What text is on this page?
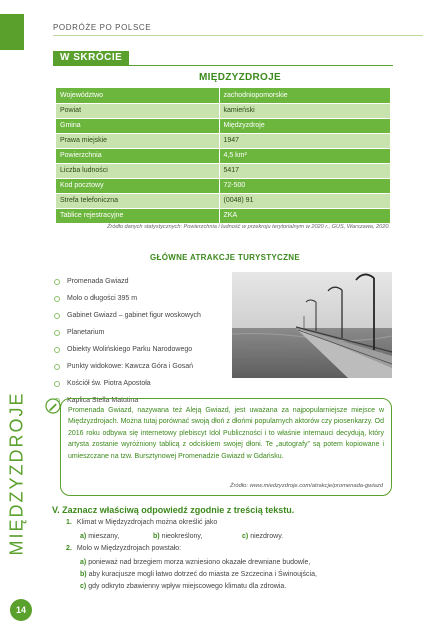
PODRÓŻE PO POLSCE
W SKRÓCIE
MIĘDZYZDROJE
Województwo	zachodniopomorskie
Powiat	kamieński
Gmina	Międzyzdroje
Prawa miejskie	1947
Powierzchnia	4,5 km²
Liczba ludności	5417
Kod pocztowy	72-500
Strefa telefoniczna	(0048) 91
Tablice rejestracyjne	ZKA
Źródło danych statystycznych: Powierzchnia i ludność w przekroju terytorialnym w 2020 r., GUS, Warszawa, 2020.
GŁÓWNE ATRAKCJE TURYSTYCZNE
Promenada Gwiazd
Molo o długości 395 m
Gabinet Gwiazd – gabinet figur woskowych
Planetarium
Obiekty Wolińskiego Parku Narodowego
Punkty widokowe: Kawcza Góra i Gosań
Kościół św. Piotra Apostoła
Kaplica Stella Matutina
MIĘDZYZDROJE	Promenada Gwiazd, nazywana też Aleją Gwiazd, jest uważana za najpopularniejsze miejsce w Międzyzdrojach. Można tutaj porównać swoją dłoń z dłońmi popularnych aktorów czy piosenkarzy. Od 2016 roku odbywa się internetowy plebiscyt Idol Publiczności i to właśnie internauci decydują, który artysta zostanie wyróżniony tablicą z odciskiem swojej dłoni. Te „autografy” są potem kopiowane i umieszczane na tzw. Bursztynowej Promenadzie Gwiazd w Gdańsku.

Źródło: www.miedzyzdroje.com/atrakcje/promenada-gwiazd
V. Zaznacz właściwą odpowiedź zgodnie z treścią tekstu.
1. Klimat w Międzyzdrojach można określić jako
a) mieszany,	b) nieokreślony,	c) niezdrowy.
2. Molo w Międzyzdrojach powstało:
a) ponieważ nad brzegiem morza wzniesiono okazałe drewniane budowle,
b) aby kuracjusze mogli łatwo dotrzeć do miasta ze Szczecina i Świnoujścia,
c) gdy odkryto zbawienny wpływ miejscowego klimatu dla zdrowia.
14
